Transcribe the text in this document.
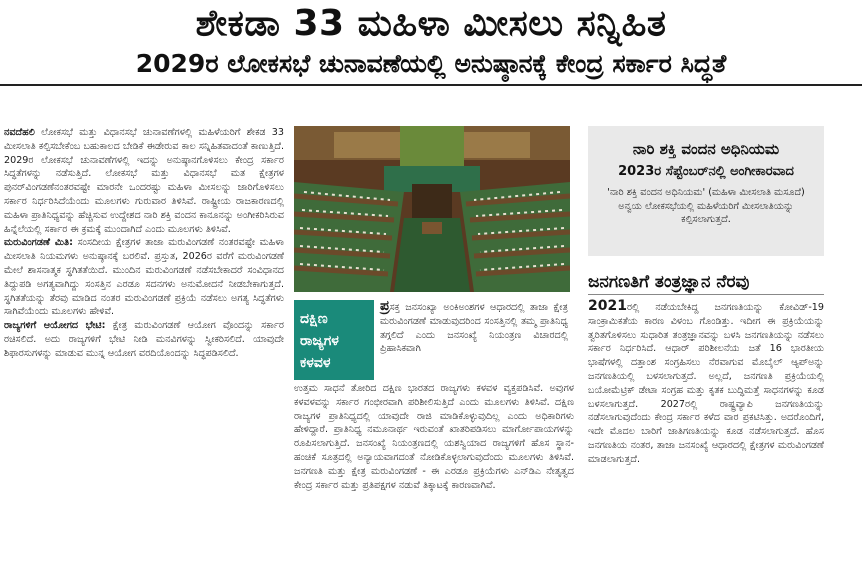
ಶೇಕಡಾ 33 ಮಹಿಳಾ ಮೀಸಲು ಸನ್ನಿಹಿತ
2029ರ ಲೋಕಸಭೆ ಚುನಾವಣೆಯಲ್ಲಿ ಅನುಷ್ಠಾನಕ್ಕೆ ಕೇಂದ್ರ ಸರ್ಕಾರ ಸಿದ್ಧತೆ

ನವದೆಹಲಿ ಲೋಕಸಭೆ ಮತ್ತು ವಿಧಾನಸಭೆ ಚುನಾವಣೆಗಳಲ್ಲಿ ಮಹಿಳೆಯರಿಗೆ ಶೇಕಡ 33 ಮೀಸಲಾತಿ ಕಲ್ಪಿಸಬೇಕೆಂಬ ಬಹುಕಾಲದ ಬೇಡಿಕೆ ಈಡೇರುವ ಕಾಲ ಸನ್ನಿಹಿತವಾದಂತೆ ಕಾಣುತ್ತಿದೆ. 2029ರ ಲೋಕಸಭೆ ಚುನಾವಣೆಗಳಲ್ಲಿ ಇದನ್ನು ಅನುಷ್ಠಾನಗೊಳಿಸಲು ಕೇಂದ್ರ ಸರ್ಕಾರ ಸಿದ್ಧತೆಗಳನ್ನು ನಡೆಸುತ್ತಿದೆ. ಲೋಕಸಭೆ ಮತ್ತು ವಿಧಾನಸಭೆ ಮತ ಕ್ಷೇತ್ರಗಳ ಪುನರ್‌ವಿಂಗಡಣೆನಂತರವಷ್ಟೇ ಮಾರನೇ ಒಂದರಷ್ಟು ಮಹಿಳಾ ಮೀಸಲನ್ನು ಜಾರಿಗೊಳಿಸಲು ಸರ್ಕಾರ ನಿರ್ಧರಿಸಿದೆಯೆಂದು ಮೂಲಗಳು ಗುರುವಾರ ತಿಳಿಸಿವೆ. ರಾಷ್ಟ್ರೀಯ ರಾಜಕಾರಣದಲ್ಲಿ ಮಹಿಳಾ ಪ್ರಾತಿನಿಧ್ಯವನ್ನು ಹೆಚ್ಚಿಸುವ ಉದ್ದೇಶದ ನಾರಿ ಶಕ್ತಿ ವಂದನ ಕಾನೂನನ್ನು ಅಂಗೀಕರಿಸಿರುವ ಹಿನ್ನೆಲೆಯಲ್ಲಿ ಸರ್ಕಾರ ಈ ಕ್ರಮಕ್ಕೆ ಮುಂದಾಗಿದೆ ಎಂದು ಮೂಲಗಳು ತಿಳಿಸಿವೆ.

ಮರುವಿಂಗಡಣೆ ಮಿತಿ: ಸಂಸದೀಯ ಕ್ಷೇತ್ರಗಳ ತಾಜಾ ಮರುವಿಂಗಡಣೆ ನಂತರವಷ್ಟೇ ಮಹಿಳಾ ಮೀಸಲಾತಿ ನಿಯಮಗಳು ಅನುಷ್ಠಾನಕ್ಕೆ ಬರಲಿವೆ. ಪ್ರಸ್ತುತ, 2026ರ ವರೆಗೆ ಮರುವಿಂಗಡಣೆ ಮೇಲೆ ಶಾಸನಾತ್ಮಕ ಸ್ಥಗಿತತೆಯಿದೆ. ಮುಂದಿನ ಮರುವಿಂಗಡಣೆ ನಡೆಸಬೇಕಾದರೆ ಸಂವಿಧಾನದ ತಿದ್ದುಪಡಿ ಅಗತ್ಯವಾಗಿದ್ದು ಸಂಸತ್ತಿನ ಎರಡೂ ಸದನಗಳು ಅನುಮೋದನೆ ನೀಡಬೇಕಾಗುತ್ತದೆ. ಸ್ಥಗಿತತೆಯನ್ನು ತೆರವು ಮಾಡಿದ ನಂತರ ಮರುವಿಂಗಡಣೆ ಪ್ರಕ್ರಿಯೆ ನಡೆಸಲು ಅಗತ್ಯ ಸಿದ್ಧತೆಗಳು ಸಾಗಿವೆಯೆಂದು ಮೂಲಗಳು ಹೇಳಿವೆ.

ರಾಜ್ಯಗಳಿಗೆ ಆಯೋಗದ ಭೇಟಿ: ಕ್ಷೇತ್ರ ಮರುವಿಂಗಡಣೆ ಆಯೋಗ ವೊಂದನ್ನು ಸರ್ಕಾರ ರಚಿಸಲಿದೆ. ಅದು ರಾಜ್ಯಗಳಿಗೆ ಭೇಟಿ ನೀಡಿ ಮನವಿಗಳನ್ನು ಸ್ವೀಕರಿಸಲಿದೆ. ಯಾವುದೇ ಶಿಫಾರಸುಗಳನ್ನು ಮಾಡುವ ಮುನ್ನ ಆಯೋಗ ವರದಿಯೊಂದನ್ನು ಸಿದ್ಧಪಡಿಸಲಿದೆ.

ದಕ್ಷಿಣ
ರಾಜ್ಯಗಳ
ಕಳವಳ

ಪ್ರಸಕ್ತ ಜನಸಂಖ್ಯಾ ಅಂಕಿಅಂಶಗಳ ಆಧಾರದಲ್ಲಿ ತಾಜಾ ಕ್ಷೇತ್ರ ಮರುವಿಂಗಡಣೆ ಮಾಡುವುದರಿಂದ ಸಂಸತ್ತಿನಲ್ಲಿ ತಮ್ಮ ಪ್ರಾತಿನಿಧ್ಯ ತಗ್ಗಲಿದೆ ಎಂದು ಜನಸಂಖ್ಯೆ ನಿಯಂತ್ರಣ ವಿಚಾರದಲ್ಲಿ ಪ್ರಿಹಾಸಿಕವಾಗಿ

ಉತ್ತಮ ಸಾಧನೆ ತೋರಿದ ದಕ್ಷಿಣ ಭಾರತದ ರಾಜ್ಯಗಳು ಕಳವಳ ವ್ಯಕ್ತಪಡಿಸಿವೆ. ಅವುಗಳ ಕಳವಳವನ್ನು ಸರ್ಕಾರ ಗಂಭೀರವಾಗಿ ಪರಿಶೀಲಿಸುತ್ತಿದೆ ಎಂದು ಮೂಲಗಳು ತಿಳಿಸಿವೆ. ದಕ್ಷಿಣ ರಾಜ್ಯಗಳ ಪ್ರಾತಿನಿಧ್ಯದಲ್ಲಿ ಯಾವುದೇ ರಾಜಿ ಮಾಡಿಕೊಳ್ಳುವುದಿಲ್ಲ ಎಂದು ಅಧಿಕಾರಿಗಳು ಹೇಳಿದ್ದಾರೆ. ಪ್ರಾತಿನಿಧ್ಯ ನಮೂನಾರ್ಥ ಇರುವಂತೆ ಖಾತರಿಪಡಿಸಲು ಮಾರ್ಗೋಪಾಯಗಳನ್ನು ರೂಪಿಸಲಾಗುತ್ತಿದೆ. ಜನಸಂಖ್ಯೆ ನಿಯಂತ್ರಣದಲ್ಲಿ ಯಶಸ್ವಿಯಾದ ರಾಜ್ಯಗಳಿಗೆ ಹೊಸ ಸ್ಥಾನ-ಹಂಚಿಕೆ ಸೂತ್ರದಲ್ಲಿ ಅನ್ಯಾಯವಾಗದಂತೆ ನೋಡಿಕೊಳ್ಳಲಾಗುವುದೆಂದು ಮೂಲಗಳು ತಿಳಿಸಿವೆ. ಜನಗಣತಿ ಮತ್ತು ಕ್ಷೇತ್ರ ಮರುವಿಂಗಡಣೆ - ಈ ಎರಡೂ ಪ್ರಕ್ರಿಯೆಗಳು ಎನ್‌ಡಿಎ ನೇತೃತ್ವದ ಕೇಂದ್ರ ಸರ್ಕಾರ ಮತ್ತು ಪ್ರತಿಪಕ್ಷಗಳ ನಡುವೆ ತಿಕ್ಕಾಟಕ್ಕೆ ಕಾರಣವಾಗಿವೆ.

ನಾರಿ ಶಕ್ತಿ ವಂದನ ಅಧಿನಿಯಮ
2023ರ ಸೆಪ್ಟೆಂಬರ್‌ನಲ್ಲಿ ಅಂಗೀಕಾರವಾದ
'ನಾರಿ ಶಕ್ತಿ ವಂದನ ಅಧಿನಿಯಮ' (ಮಹಿಳಾ ಮೀಸಲಾತಿ ಮಸೂದೆ) ಅನ್ವಯ ಲೋಕಸಭೆಯಲ್ಲಿ ಮಹಿಳೆಯರಿಗೆ ಮೀಸಲಾತಿಯನ್ನು ಕಲ್ಪಿಸಲಾಗುತ್ತದೆ.
ಜನಗಣತಿಗೆ ತಂತ್ರಜ್ಞಾನ ನೆರವು

2021ರಲ್ಲಿ ನಡೆಯಬೇಕಿದ್ದ ಜನಗಣತಿಯನ್ನು ಕೋವಿಡ್-19 ಸಾಂಕ್ರಾಮಿಕತೆಯ ಕಾರಣ ವಿಳಂಬ ಗೊಂಡಿತ್ತು. ಇದೀಗ ಈ ಪ್ರಕ್ರಿಯೆಯನ್ನು ತ್ವರಿತಗೊಳಿಸಲು ಸುಧಾರಿತ ತಂತ್ರಜ್ಞಾನವನ್ನು ಬಳಸಿ ಜನಗಣತಿಯನ್ನು ನಡೆಸಲು ಸರ್ಕಾರ ನಿರ್ಧರಿಸಿದೆ. ಆಧಾರ್ ಪರಿಶೀಲನೆಯ ಜತೆ 16 ಭಾರತೀಯ ಭಾಷೆಗಳಲ್ಲಿ ದತ್ತಾಂಶ ಸಂಗ್ರಹಿಸಲು ನೆರವಾಗುವ ಮೊಬೈಲ್ ಆ್ಯಪ್‌ಅನ್ನು ಜನಗಣತಿಯಲ್ಲಿ ಬಳಸಲಾಗುತ್ತದೆ. ಅಲ್ಲದೆ, ಜನಗಣತಿ ಪ್ರಕ್ರಿಯೆಯಲ್ಲಿ ಬಯೋಮೆಟ್ರಿಕ್ ಡೇಟಾ ಸಂಗ್ರಹ ಮತ್ತು ಕೃತಕ ಬುದ್ಧಿಮತ್ತೆ ಸಾಧನಗಳನ್ನು ಕೂಡ ಬಳಸಲಾಗುತ್ತದೆ. 2027ರಲ್ಲಿ ರಾಷ್ಟ್ರವ್ಯಾಪಿ ಜನಗಣತಿಯನ್ನು ನಡೆಸಲಾಗುವುದೆಂದು ಕೇಂದ್ರ ಸರ್ಕಾರ ಕಳೆದ ವಾರ ಪ್ರಕಟಿಸಿತ್ತು. ಅದರೊಂದಿಗೆ, ಇದೇ ಮೊದಲ ಬಾರಿಗೆ ಜಾತಿಗಣತಿಯನ್ನು ಕೂಡ ನಡೆಸಲಾಗುತ್ತದೆ. ಹೊಸ ಜನಗಣತಿಯ ನಂತರ, ತಾಜಾ ಜನಸಂಖ್ಯೆ ಆಧಾರದಲ್ಲಿ ಕ್ಷೇತ್ರಗಳ ಮರುವಿಂಗಡಣೆ ಮಾಡಲಾಗುತ್ತದೆ.
